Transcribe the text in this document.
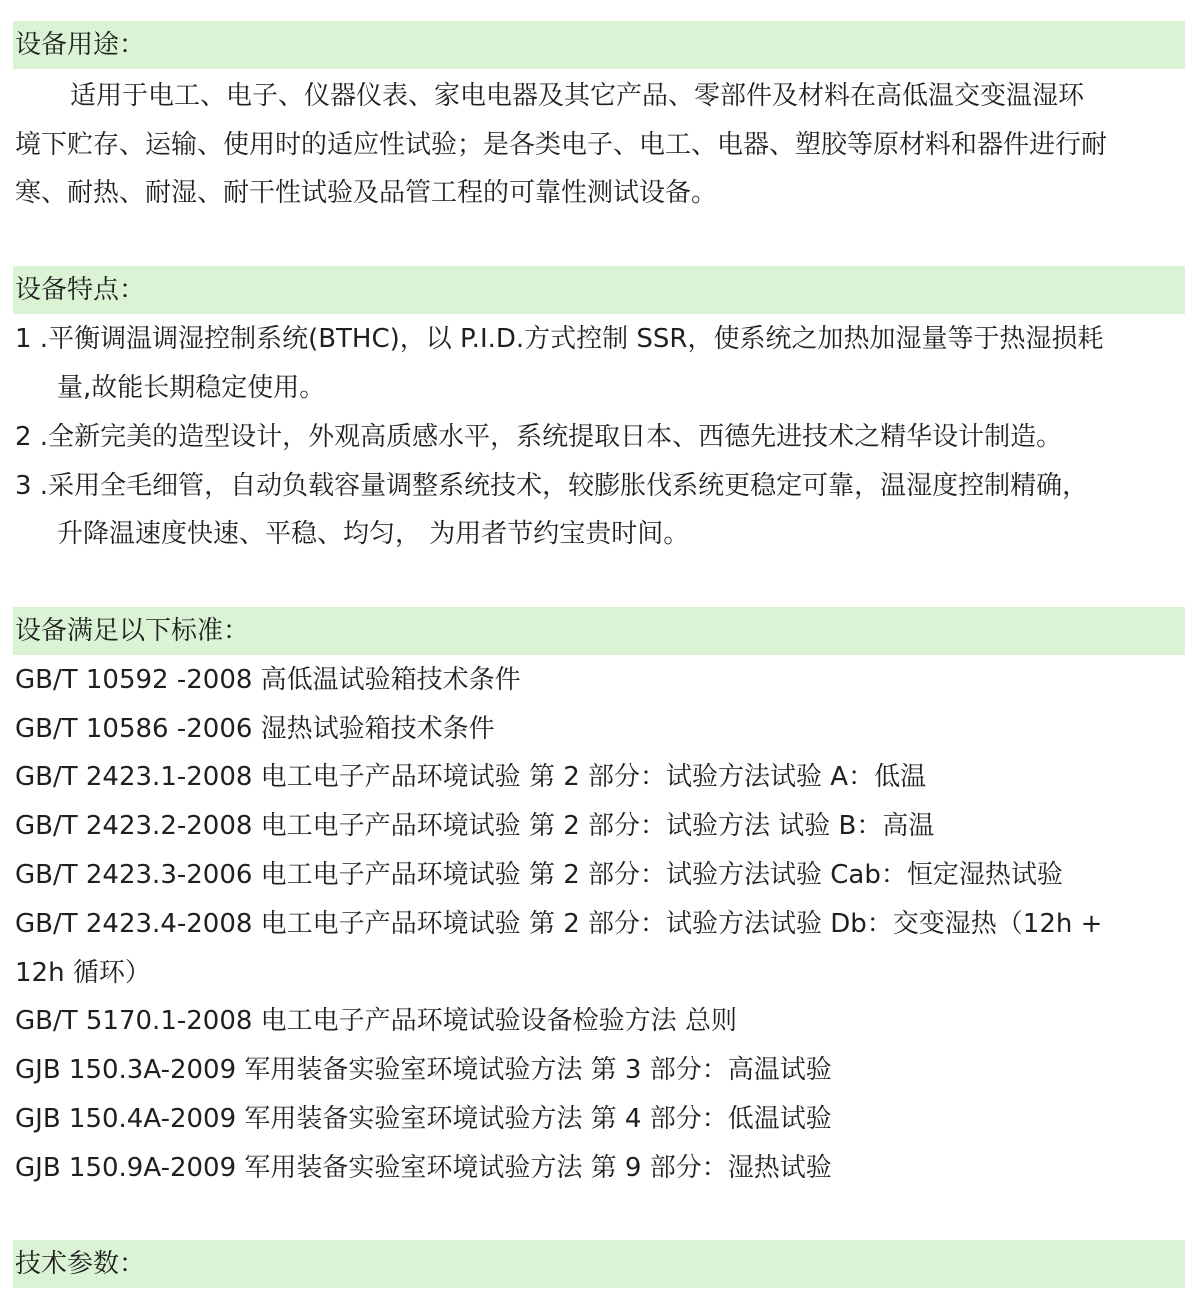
设备用途：
适用于电工、电子、仪器仪表、家电电器及其它产品、零部件及材料在高低温交变温湿环
境下贮存、运输、使用时的适应性试验；是各类电子、电工、电器、塑胶等原材料和器件进行耐
寒、耐热、耐湿、耐干性试验及品管工程的可靠性测试设备。
设备特点：
1 .平衡调温调湿控制系统(BTHC)，以 P.I.D.方式控制 SSR，使系统之加热加湿量等于热湿损耗
量,故能长期稳定使用。
2 .全新完美的造型设计，外观高质感水平，系统提取日本、西德先进技术之精华设计制造。
3 .采用全毛细管，自动负载容量调整系统技术，较膨胀伐系统更稳定可靠，温湿度控制精确，
升降温速度快速、平稳、均匀， 为用者节约宝贵时间。
设备满足以下标准：
GB/T 10592 -2008 高低温试验箱技术条件
GB/T 10586 -2006 湿热试验箱技术条件
GB/T 2423.1-2008 电工电子产品环境试验 第 2 部分：试验方法试验 A：低温
GB/T 2423.2-2008 电工电子产品环境试验 第 2 部分：试验方法 试验 B：高温
GB/T 2423.3-2006 电工电子产品环境试验 第 2 部分：试验方法试验 Cab：恒定湿热试验
GB/T 2423.4-2008 电工电子产品环境试验 第 2 部分：试验方法试验 Db：交变湿热（12h +
12h 循环）
GB/T 5170.1-2008 电工电子产品环境试验设备检验方法 总则
GJB 150.3A-2009 军用装备实验室环境试验方法 第 3 部分：高温试验
GJB 150.4A-2009 军用装备实验室环境试验方法 第 4 部分：低温试验
GJB 150.9A-2009 军用装备实验室环境试验方法 第 9 部分：湿热试验
技术参数：
